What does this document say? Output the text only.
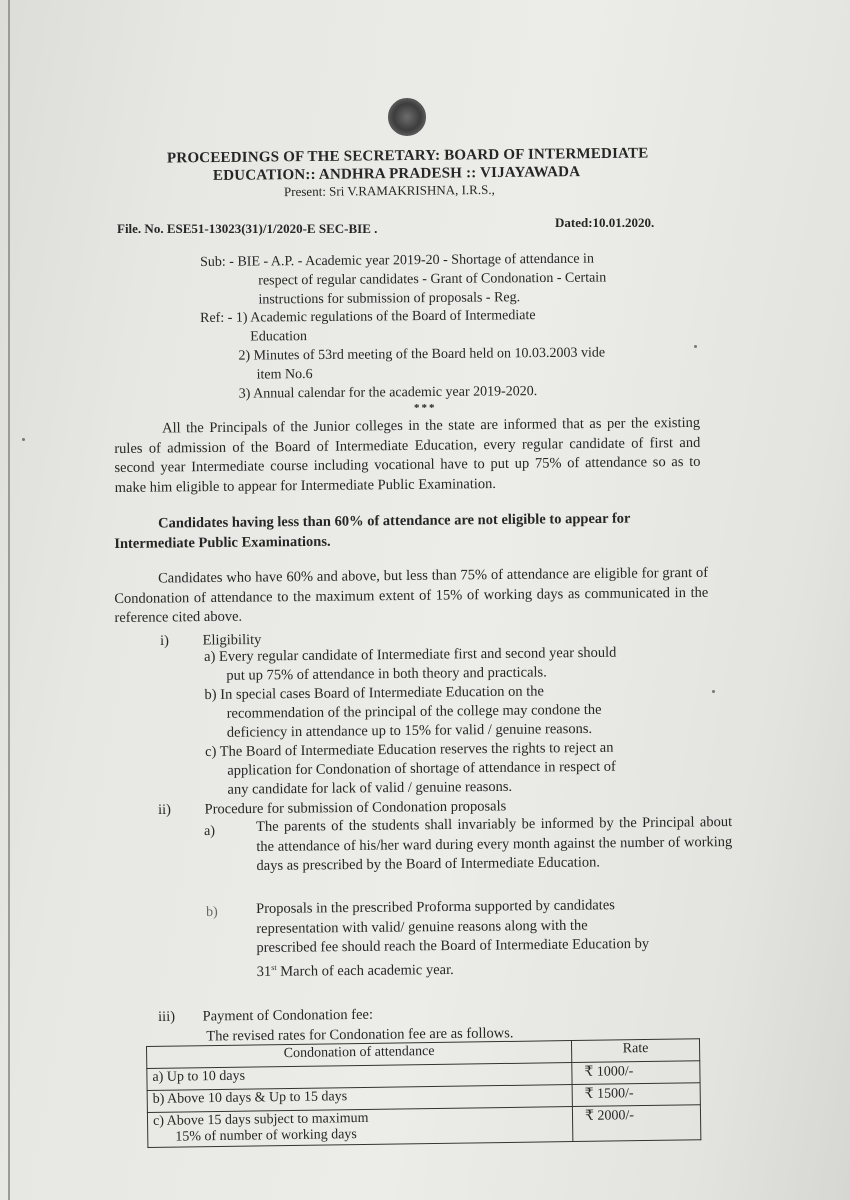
PROCEEDINGS OF THE SECRETARY: BOARD OF INTERMEDIATE
EDUCATION:: ANDHRA PRADESH :: VIJAYAWADA
Present: Sri V.RAMAKRISHNA, I.R.S.,
File. No. ESE51-13023(31)/1/2020-E SEC-BIE .	Dated:10.01.2020.
Sub: - BIE - A.P. - Academic year 2019-20 - Shortage of attendance in
respect of regular candidates - Grant of Condonation - Certain
instructions for submission of proposals - Reg.
Ref: - 1) Academic regulations of the Board of Intermediate
Education
2) Minutes of 53rd meeting of the Board held on 10.03.2003 vide
item No.6
3) Annual calendar for the academic year 2019-2020.
***
All the Principals of the Junior colleges in the state are informed that as per the existing rules of admission of the Board of Intermediate Education, every regular candidate of first and second year Intermediate course including vocational have to put up 75% of attendance so as to make him eligible to appear for Intermediate Public Examination.
Candidates having less than 60% of attendance are not eligible to appear for
Intermediate Public Examinations.
Candidates who have 60% and above, but less than 75% of attendance are eligible for grant of Condonation of attendance to the maximum extent of 15% of working days as communicated in the reference cited above.
i) Eligibility
a) Every regular candidate of Intermediate first and second year should
put up 75% of attendance in both theory and practicals.
b) In special cases Board of Intermediate Education on the
recommendation of the principal of the college may condone the
deficiency in attendance up to 15% for valid / genuine reasons.
c) The Board of Intermediate Education reserves the rights to reject an
application for Condonation of shortage of attendance in respect of
any candidate for lack of valid / genuine reasons.
ii) Procedure for submission of Condonation proposals
a)	The parents of the students shall invariably be informed by the Principal about the attendance of his/her ward during every month against the number of working days as prescribed by the Board of Intermediate Education.
b)	Proposals in the prescribed Proforma supported by candidates
representation with valid/ genuine reasons along with the
prescribed fee should reach the Board of Intermediate Education by
31st March of each academic year.
iii) Payment of Condonation fee:
The revised rates for Condonation fee are as follows.
Condonation of attendance	Rate
a) Up to 10 days	₹ 1000/-
b) Above 10 days & Up to 15 days	₹ 1500/-
c) Above 15 days subject to maximum
15% of number of working days	₹ 2000/-
